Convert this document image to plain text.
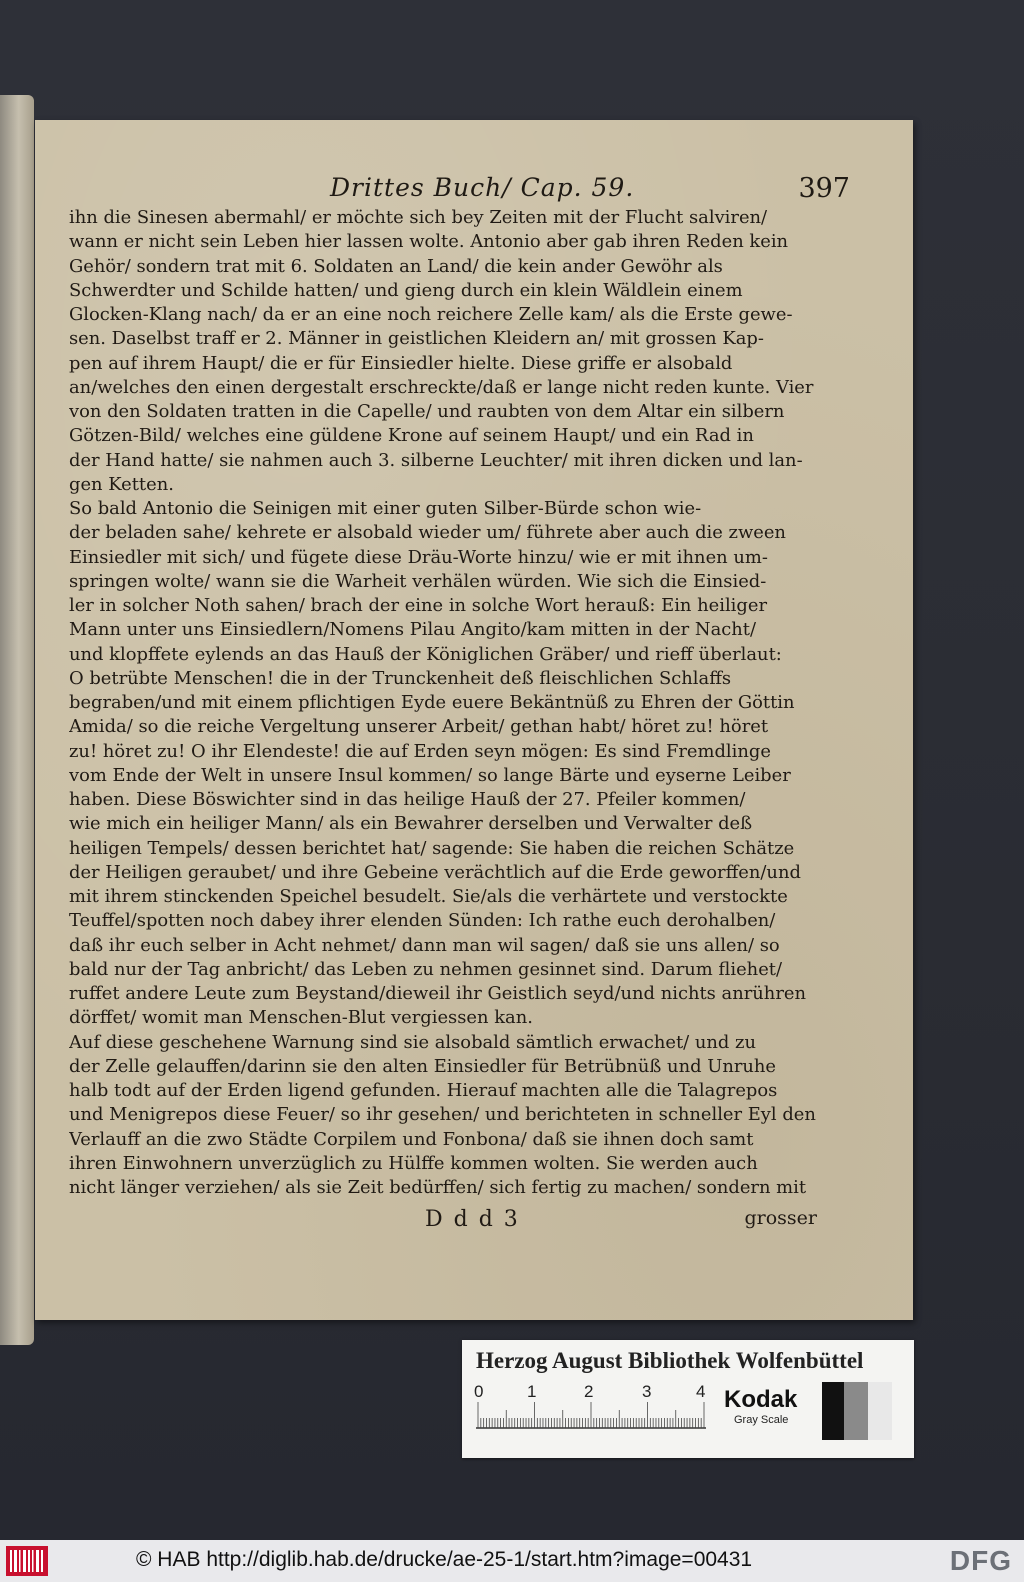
Drittes Buch/ Cap. 59.	397
ihn die Sinesen abermahl/ er möchte sich bey Zeiten mit der Flucht salviren/
wann er nicht sein Leben hier lassen wolte. Antonio aber gab ihren Reden kein
Gehör/ sondern trat mit 6. Soldaten an Land/ die kein ander Gewöhr als
Schwerdter und Schilde hatten/ und gieng durch ein klein Wäldlein einem
Glocken-Klang nach/ da er an eine noch reichere Zelle kam/ als die Erste gewe-
sen. Daselbst traff er 2. Männer in geistlichen Kleidern an/ mit grossen Kap-
pen auf ihrem Haupt/ die er für Einsiedler hielte. Diese griffe er alsobald
an/welches den einen dergestalt erschreckte/daß er lange nicht reden kunte. Vier
von den Soldaten tratten in die Capelle/ und raubten von dem Altar ein silbern
Götzen-Bild/ welches eine güldene Krone auf seinem Haupt/ und ein Rad in
der Hand hatte/ sie nahmen auch 3. silberne Leuchter/ mit ihren dicken und lan-
gen Ketten.
So bald Antonio die Seinigen mit einer guten Silber-Bürde schon wie-
der beladen sahe/ kehrete er alsobald wieder um/ führete aber auch die zween
Einsiedler mit sich/ und fügete diese Dräu-Worte hinzu/ wie er mit ihnen um-
springen wolte/ wann sie die Warheit verhälen würden. Wie sich die Einsied-
ler in solcher Noth sahen/ brach der eine in solche Wort herauß: Ein heiliger
Mann unter uns Einsiedlern/Nomens Pilau Angito/kam mitten in der Nacht/
und klopffete eylends an das Hauß der Königlichen Gräber/ und rieff überlaut:
O betrübte Menschen! die in der Trunckenheit deß fleischlichen Schlaffs
begraben/und mit einem pflichtigen Eyde euere Bekäntnüß zu Ehren der Göttin
Amida/ so die reiche Vergeltung unserer Arbeit/ gethan habt/ höret zu! höret
zu! höret zu! O ihr Elendeste! die auf Erden seyn mögen: Es sind Fremdlinge
vom Ende der Welt in unsere Insul kommen/ so lange Bärte und eyserne Leiber
haben. Diese Böswichter sind in das heilige Hauß der 27. Pfeiler kommen/
wie mich ein heiliger Mann/ als ein Bewahrer derselben und Verwalter deß
heiligen Tempels/ dessen berichtet hat/ sagende: Sie haben die reichen Schätze
der Heiligen geraubet/ und ihre Gebeine verächtlich auf die Erde geworffen/und
mit ihrem stinckenden Speichel besudelt. Sie/als die verhärtete und verstockte
Teuffel/spotten noch dabey ihrer elenden Sünden: Ich rathe euch derohalben/
daß ihr euch selber in Acht nehmet/ dann man wil sagen/ daß sie uns allen/ so
bald nur der Tag anbricht/ das Leben zu nehmen gesinnet sind. Darum fliehet/
ruffet andere Leute zum Beystand/dieweil ihr Geistlich seyd/und nichts anrühren
dörffet/ womit man Menschen-Blut vergiessen kan.
Auf diese geschehene Warnung sind sie alsobald sämtlich erwachet/ und zu
der Zelle gelauffen/darinn sie den alten Einsiedler für Betrübnüß und Unruhe
halb todt auf der Erden ligend gefunden. Hierauf machten alle die Talagrepos
und Menigrepos diese Feuer/ so ihr gesehen/ und berichteten in schneller Eyl den
Verlauff an die zwo Städte Corpilem und Fonbona/ daß sie ihnen doch samt
ihren Einwohnern unverzüglich zu Hülffe kommen wolten. Sie werden auch
nicht länger verziehen/ als sie Zeit bedürffen/ sich fertig zu machen/ sondern mit
D d d 3	grosser
Herzog August Bibliothek Wolfenbüttel
0	1	2	3	4 Kodak
Gray Scale
© HAB http://diglib.hab.de/drucke/ae-25-1/start.htm?image=00431	DFG
